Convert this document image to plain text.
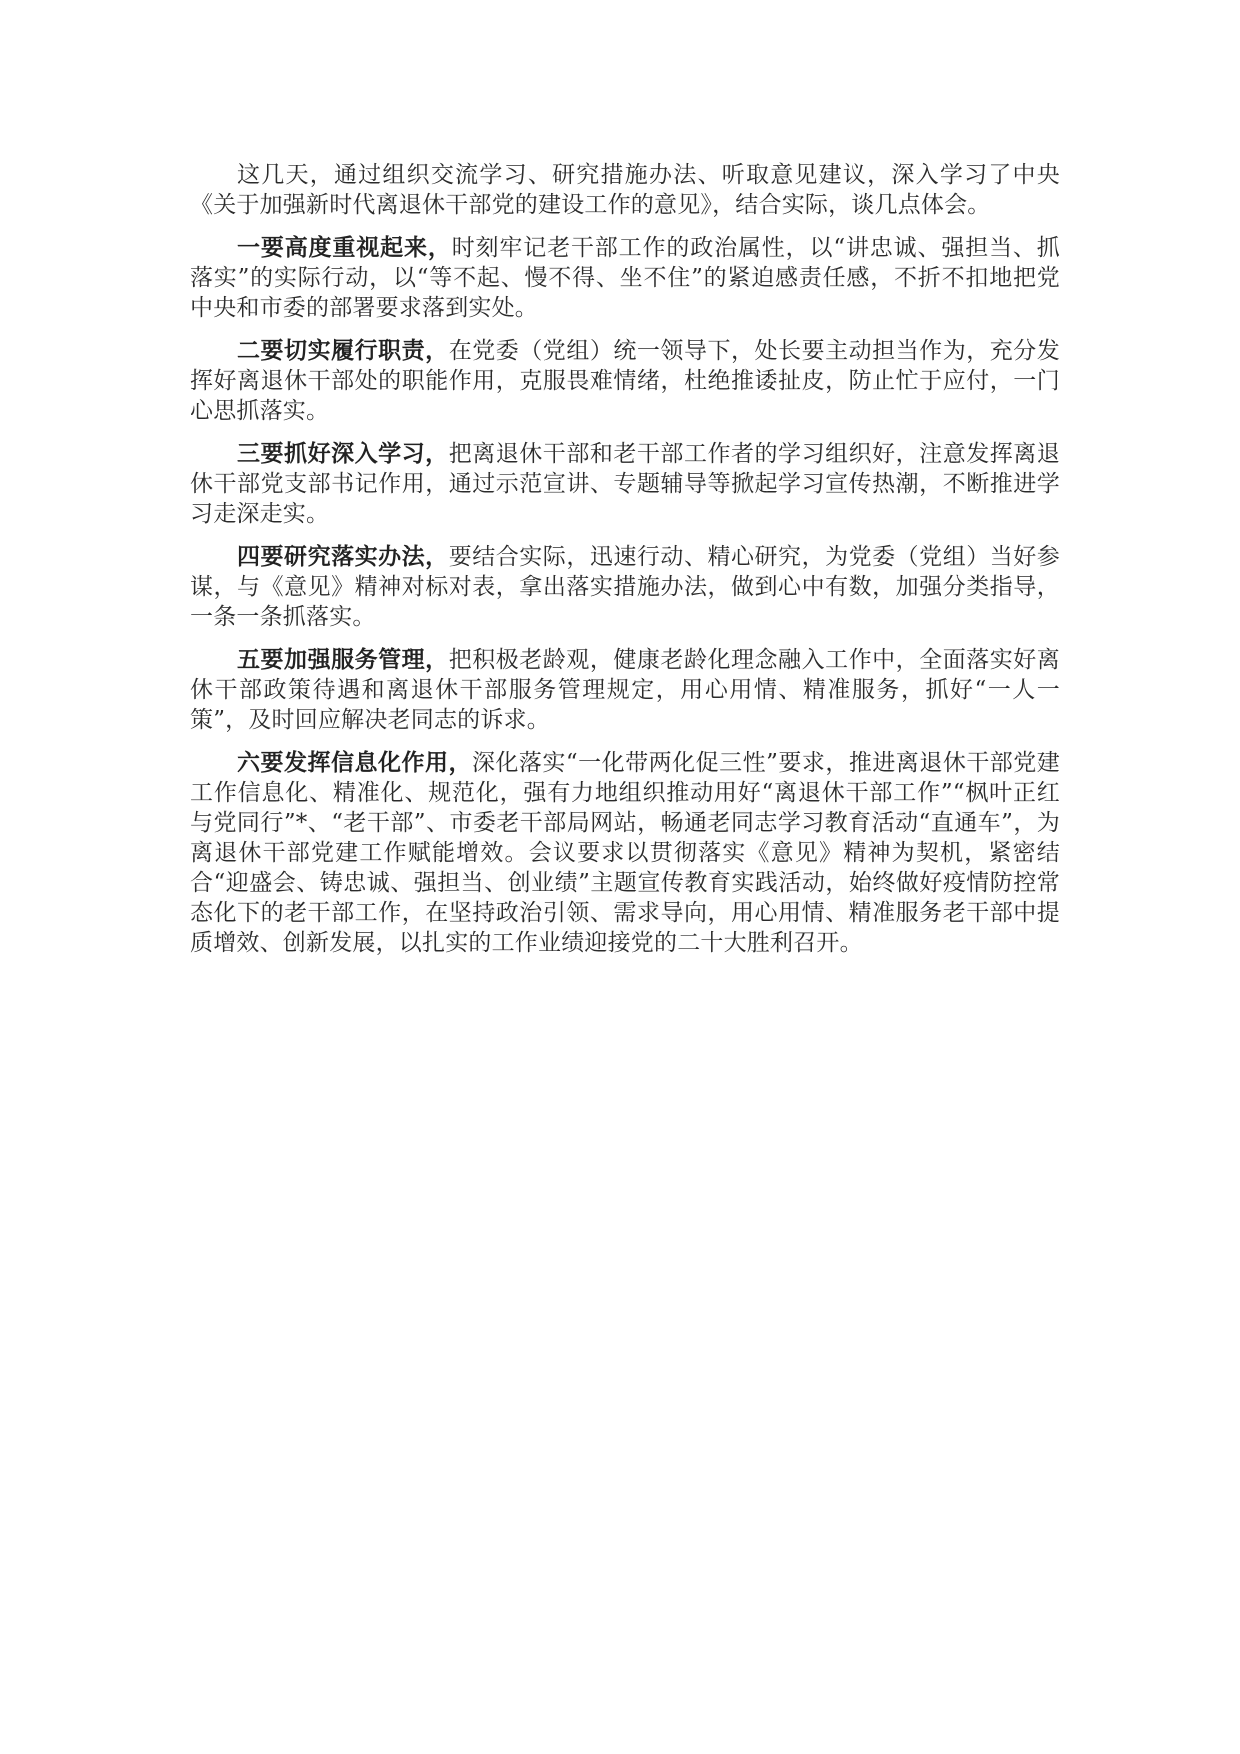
这几天，通过组织交流学习、研究措施办法、听取意见建议，深入学习了中央《关于加强新时代离退休干部党的建设工作的意见》，结合实际，谈几点体会。

一要高度重视起来，时刻牢记老干部工作的政治属性，以“讲忠诚、强担当、抓落实”的实际行动，以“等不起、慢不得、坐不住”的紧迫感责任感，不折不扣地把党中央和市委的部署要求落到实处。

二要切实履行职责，在党委（党组）统一领导下，处长要主动担当作为，充分发挥好离退休干部处的职能作用，克服畏难情绪，杜绝推诿扯皮，防止忙于应付，一门心思抓落实。

三要抓好深入学习，把离退休干部和老干部工作者的学习组织好，注意发挥离退休干部党支部书记作用，通过示范宣讲、专题辅导等掀起学习宣传热潮，不断推进学习走深走实。

四要研究落实办法，要结合实际，迅速行动、精心研究，为党委（党组）当好参谋，与《意见》精神对标对表，拿出落实措施办法，做到心中有数，加强分类指导，一条一条抓落实。

五要加强服务管理，把积极老龄观，健康老龄化理念融入工作中，全面落实好离休干部政策待遇和离退休干部服务管理规定，用心用情、精准服务，抓好“一人一策”，及时回应解决老同志的诉求。

六要发挥信息化作用，深化落实“一化带两化促三性”要求，推进离退休干部党建工作信息化、精准化、规范化，强有力地组织推动用好“离退休干部工作”“枫叶正红与党同行”*、“老干部”、市委老干部局网站，畅通老同志学习教育活动“直通车”，为离退休干部党建工作赋能增效。会议要求以贯彻落实《意见》精神为契机，紧密结合“迎盛会、铸忠诚、强担当、创业绩”主题宣传教育实践活动，始终做好疫情防控常态化下的老干部工作，在坚持政治引领、需求导向，用心用情、精准服务老干部中提质增效、创新发展，以扎实的工作业绩迎接党的二十大胜利召开。
